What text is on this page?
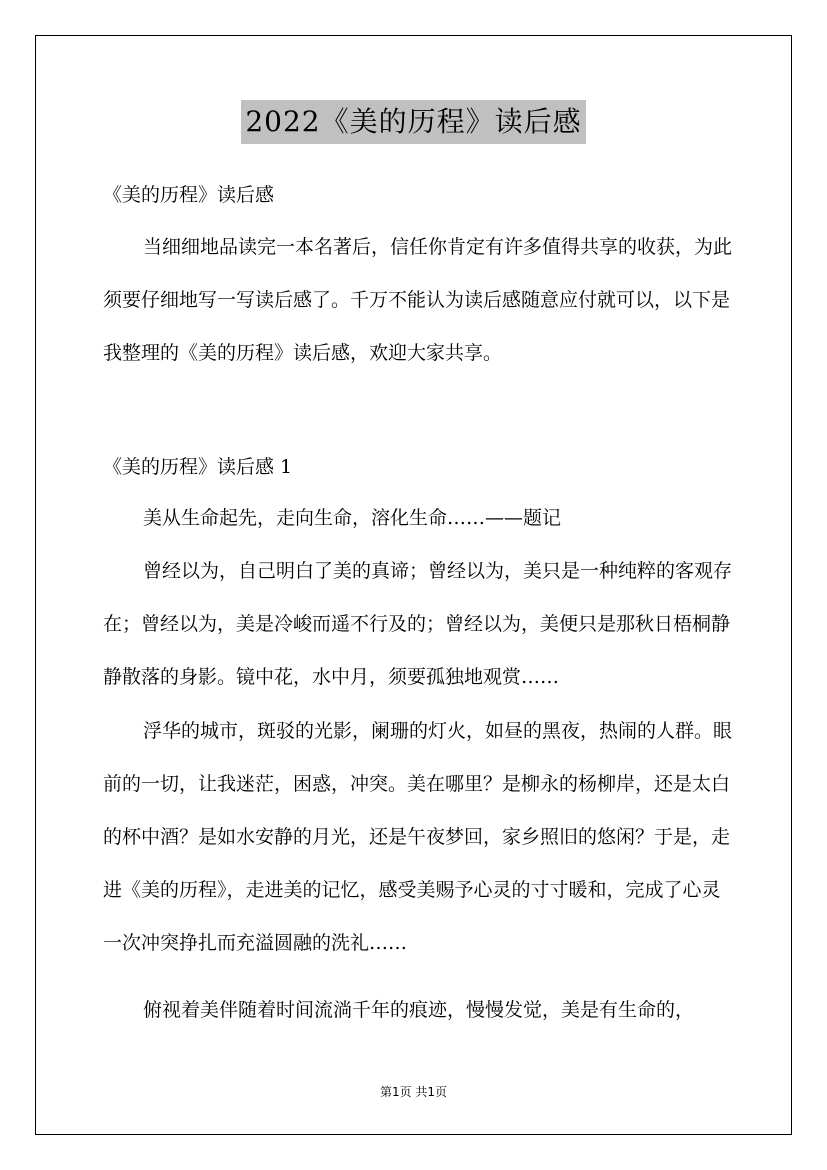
2022《美的历程》读后感

《美的历程》读后感

当细细地品读完一本名著后，信任你肯定有许多值得共享的收获，为此须要仔细地写一写读后感了。千万不能认为读后感随意应付就可以，以下是我整理的《美的历程》读后感，欢迎大家共享。

《美的历程》读后感 1

美从生命起先，走向生命，溶化生命……——题记

曾经以为，自己明白了美的真谛；曾经以为，美只是一种纯粹的客观存在；曾经以为，美是冷峻而遥不行及的；曾经以为，美便只是那秋日梧桐静静散落的身影。镜中花，水中月，须要孤独地观赏……

浮华的城市，斑驳的光影，阑珊的灯火，如昼的黑夜，热闹的人群。眼前的一切，让我迷茫，困惑，冲突。美在哪里？是柳永的杨柳岸，还是太白的杯中酒？是如水安静的月光，还是午夜梦回，家乡照旧的悠闲？于是，走进《美的历程》，走进美的记忆，感受美赐予心灵的寸寸暖和，完成了心灵一次冲突挣扎而充溢圆融的洗礼……

俯视着美伴随着时间流淌千年的痕迹，慢慢发觉，美是有生命的，

第1页 共1页
